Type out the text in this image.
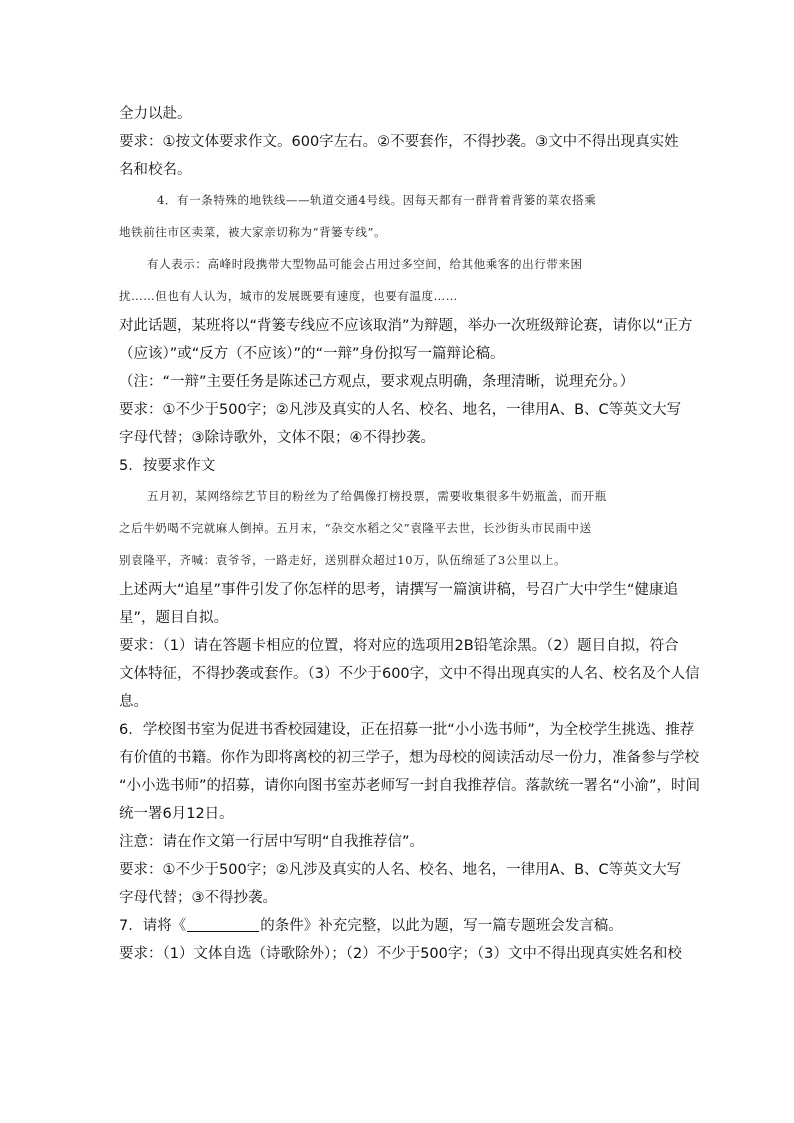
全力以赴。
要求：①按文体要求作文。600字左右。②不要套作，不得抄袭。③文中不得出现真实姓
名和校名。
4．有一条特殊的地铁线——轨道交通4号线。因每天都有一群背着背篓的菜农搭乘
地铁前往市区卖菜，被大家亲切称为“背篓专线”。
有人表示：高峰时段携带大型物品可能会占用过多空间，给其他乘客的出行带来困
扰……但也有人认为，城市的发展既要有速度，也要有温度……
对此话题，某班将以“背篓专线应不应该取消”为辩题，举办一次班级辩论赛，请你以“正方
（应该）”或“反方（不应该）”的“一辩”身份拟写一篇辩论稿。
（注：“一辩”主要任务是陈述己方观点，要求观点明确，条理清晰，说理充分。）
要求：①不少于500字；②凡涉及真实的人名、校名、地名，一律用A、B、C等英文大写
字母代替；③除诗歌外，文体不限；④不得抄袭。
5．按要求作文
五月初，某网络综艺节目的粉丝为了给偶像打榜投票，需要收集很多牛奶瓶盖，而开瓶
之后牛奶喝不完就麻人倒掉。五月末，“杂交水稻之父”袁隆平去世，长沙街头市民雨中送
别袁隆平，齐喊：袁爷爷，一路走好，送别群众超过10万，队伍绵延了3公里以上。
上述两大“追星”事件引发了你怎样的思考，请撰写一篇演讲稿，号召广大中学生“健康追
星”，题目自拟。
要求：（1）请在答题卡相应的位置，将对应的选项用2B铅笔涂黑。（2）题目自拟，符合
文体特征，不得抄袭或套作。（3）不少于600字，文中不得出现真实的人名、校名及个人信
息。
6．学校图书室为促进书香校园建设，正在招募一批“小小选书师”，为全校学生挑选、推荐
有价值的书籍。你作为即将离校的初三学子，想为母校的阅读活动尽一份力，准备参与学校
“小小选书师”的招募，请你向图书室苏老师写一封自我推荐信。落款统一署名“小渝”，时间
统一署6月12日。
注意：请在作文第一行居中写明“自我推荐信”。
要求：①不少于500字；②凡涉及真实的人名、校名、地名，一律用A、B、C等英文大写
字母代替；③不得抄袭。
7．请将《	的条件》补充完整，以此为题，写一篇专题班会发言稿。
要求：（1）文体自选（诗歌除外）；（2）不少于500字；（3）文中不得出现真实姓名和校
